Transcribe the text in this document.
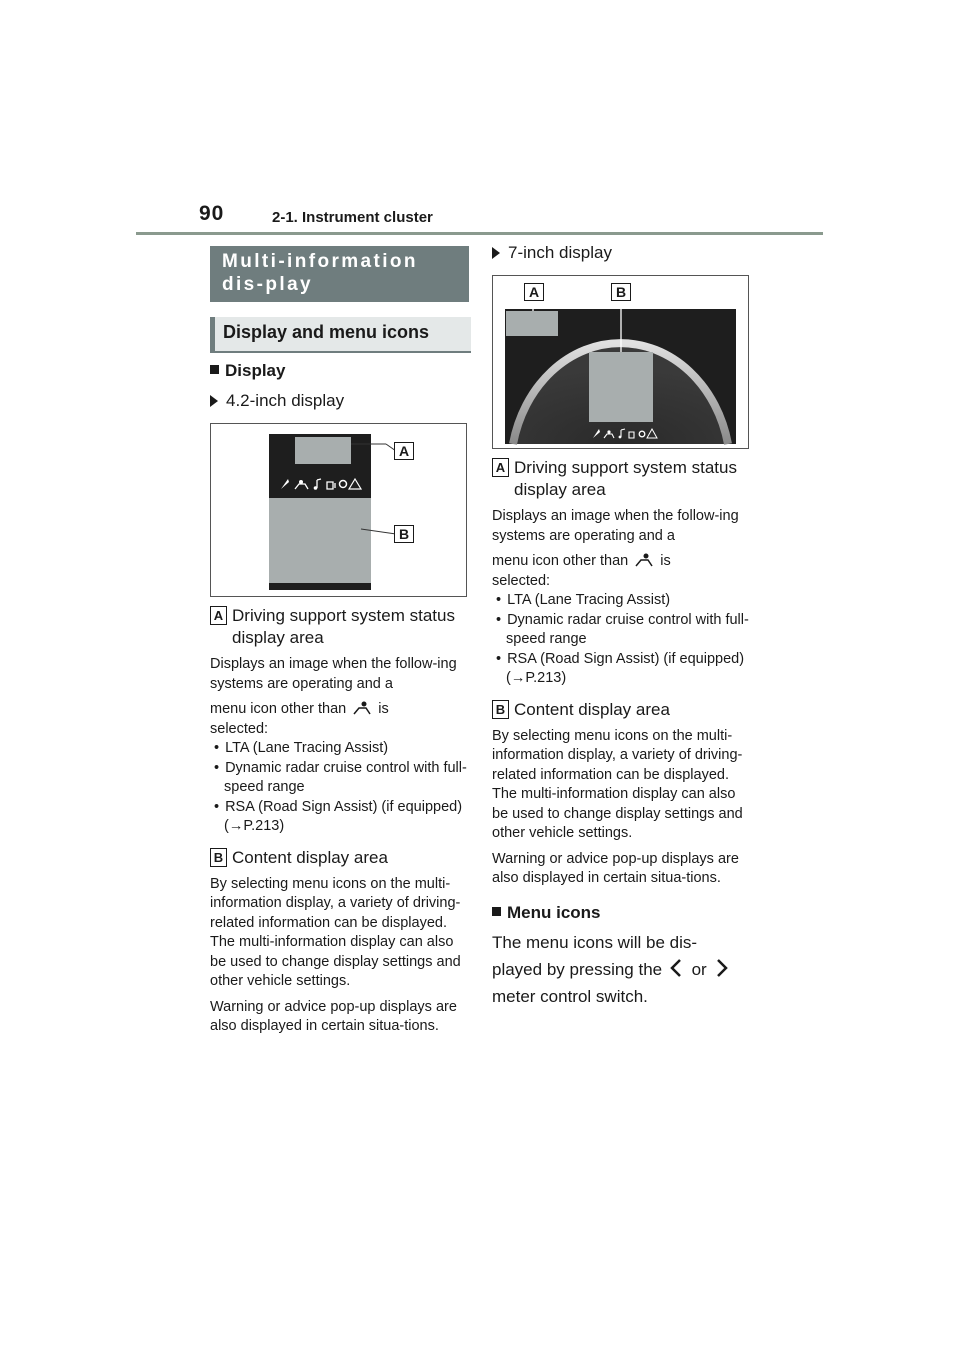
90	2-1. Instrument cluster
Multi-information dis-play
Display and menu icons
Display
4.2-inch display
A
B
A Driving support system status display area
Displays an image when the follow-ing systems are operating and a
menu icon other than is
selected:
• LTA (Lane Tracing Assist)
• Dynamic radar cruise control with full-speed range
• RSA (Road Sign Assist) (if equipped) (→P.213)
B Content display area
By selecting menu icons on the multi-information display, a variety of driving-related information can be displayed. The multi-information display can also be used to change display settings and other vehicle settings.
Warning or advice pop-up displays are also displayed in certain situa-tions.
7-inch display
A	B
A Driving support system status display area
Displays an image when the follow-ing systems are operating and a
menu icon other than is
selected:
• LTA (Lane Tracing Assist)
• Dynamic radar cruise control with full-speed range
• RSA (Road Sign Assist) (if equipped) (→P.213)
B Content display area
By selecting menu icons on the multi-information display, a variety of driving-related information can be displayed. The multi-information display can also be used to change display settings and other vehicle settings.
Warning or advice pop-up displays are also displayed in certain situa-tions.
Menu icons
The menu icons will be dis-
played by pressing the or
meter control switch.
